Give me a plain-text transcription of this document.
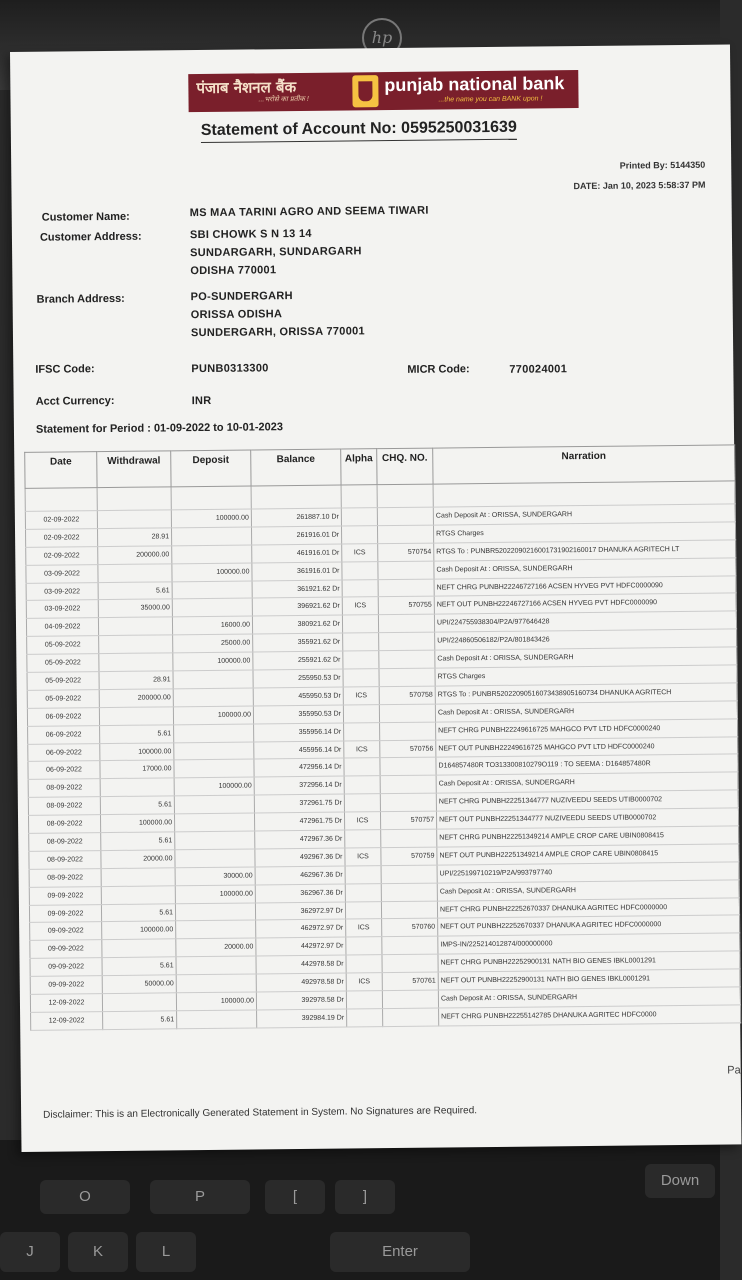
hp
O	P	[	]
Down
J	K	L	Enter
पंजाब नैशनल बैंक
...भरोसे का प्रतीक !
punjab national bank
...the name you can BANK upon !
Statement of Account No: 0595250031639
Printed By: 5144350
DATE: Jan 10, 2023 5:58:37 PM
Customer Name:	MS MAA TARINI AGRO AND SEEMA TIWARI
Customer Address:	SBI CHOWK S N 13 14
SUNDARGARH, SUNDARGARH
ODISHA 770001
Branch Address:	PO-SUNDERGARH
ORISSA ODISHA
SUNDERGARH, ORISSA 770001
IFSC Code:	PUNB0313300	MICR Code:	770024001
Acct Currency:	INR
Statement for Period : 01-09-2022 to 10-01-2023
Date	Withdrawal	Deposit	Balance	Alpha	CHQ. NO.	Narration

02-09-2022		100000.00	261887.10 Dr			Cash Deposit At : ORISSA, SUNDERGARH
02-09-2022	28.91		261916.01 Dr			RTGS Charges
02-09-2022	200000.00		461916.01 Dr	ICS	570754	RTGS To : PUNBR52022090216001731902160017 DHANUKA AGRITECH LT
03-09-2022		100000.00	361916.01 Dr			Cash Deposit At : ORISSA, SUNDERGARH
03-09-2022	5.61		361921.62 Dr			NEFT CHRG PUNBH22246727166 ACSEN HYVEG PVT HDFC0000090
03-09-2022	35000.00		396921.62 Dr	ICS	570755	NEFT OUT PUNBH22246727166 ACSEN HYVEG PVT HDFC0000090
04-09-2022		16000.00	380921.62 Dr			UPI/224755938304/P2A/977646428
05-09-2022		25000.00	355921.62 Dr			UPI/224860506182/P2A/801843426
05-09-2022		100000.00	255921.62 Dr			Cash Deposit At : ORISSA, SUNDERGARH
05-09-2022	28.91		255950.53 Dr			RTGS Charges
05-09-2022	200000.00		455950.53 Dr	ICS	570758	RTGS To : PUNBR52022090516073438905160734 DHANUKA AGRITECH
06-09-2022		100000.00	355950.53 Dr			Cash Deposit At : ORISSA, SUNDERGARH
06-09-2022	5.61		355956.14 Dr			NEFT CHRG PUNBH22249616725 MAHGCO PVT LTD HDFC0000240
06-09-2022	100000.00		455956.14 Dr	ICS	570756	NEFT OUT PUNBH22249616725 MAHGCO PVT LTD HDFC0000240
06-09-2022	17000.00		472956.14 Dr			D164857480R TO313300810279O119 : TO SEEMA : D164857480R
08-09-2022		100000.00	372956.14 Dr			Cash Deposit At : ORISSA, SUNDERGARH
08-09-2022	5.61		372961.75 Dr			NEFT CHRG PUNBH22251344777 NUZIVEEDU SEEDS UTIB0000702
08-09-2022	100000.00		472961.75 Dr	ICS	570757	NEFT OUT PUNBH22251344777 NUZIVEEDU SEEDS UTIB0000702
08-09-2022	5.61		472967.36 Dr			NEFT CHRG PUNBH22251349214 AMPLE CROP CARE UBIN0808415
08-09-2022	20000.00		492967.36 Dr	ICS	570759	NEFT OUT PUNBH22251349214 AMPLE CROP CARE UBIN0808415
08-09-2022		30000.00	462967.36 Dr			UPI/225199710219/P2A/993797740
09-09-2022		100000.00	362967.36 Dr			Cash Deposit At : ORISSA, SUNDERGARH
09-09-2022	5.61		362972.97 Dr			NEFT CHRG PUNBH22252670337 DHANUKA AGRITEC HDFC0000000
09-09-2022	100000.00		462972.97 Dr	ICS	570760	NEFT OUT PUNBH22252670337 DHANUKA AGRITEC HDFC0000000
09-09-2022		20000.00	442972.97 Dr			IMPS-IN/225214012874/000000000
09-09-2022	5.61		442978.58 Dr			NEFT CHRG PUNBH22252900131 NATH BIO GENES IBKL0001291
09-09-2022	50000.00		492978.58 Dr	ICS	570761	NEFT OUT PUNBH22252900131 NATH BIO GENES IBKL0001291
12-09-2022		100000.00	392978.58 Dr			Cash Deposit At : ORISSA, SUNDERGARH
12-09-2022	5.61		392984.19 Dr			NEFT CHRG PUNBH22255142785 DHANUKA AGRITEC HDFC0000
Pa
Disclaimer: This is an Electronically Generated Statement in System. No Signatures are Required.
